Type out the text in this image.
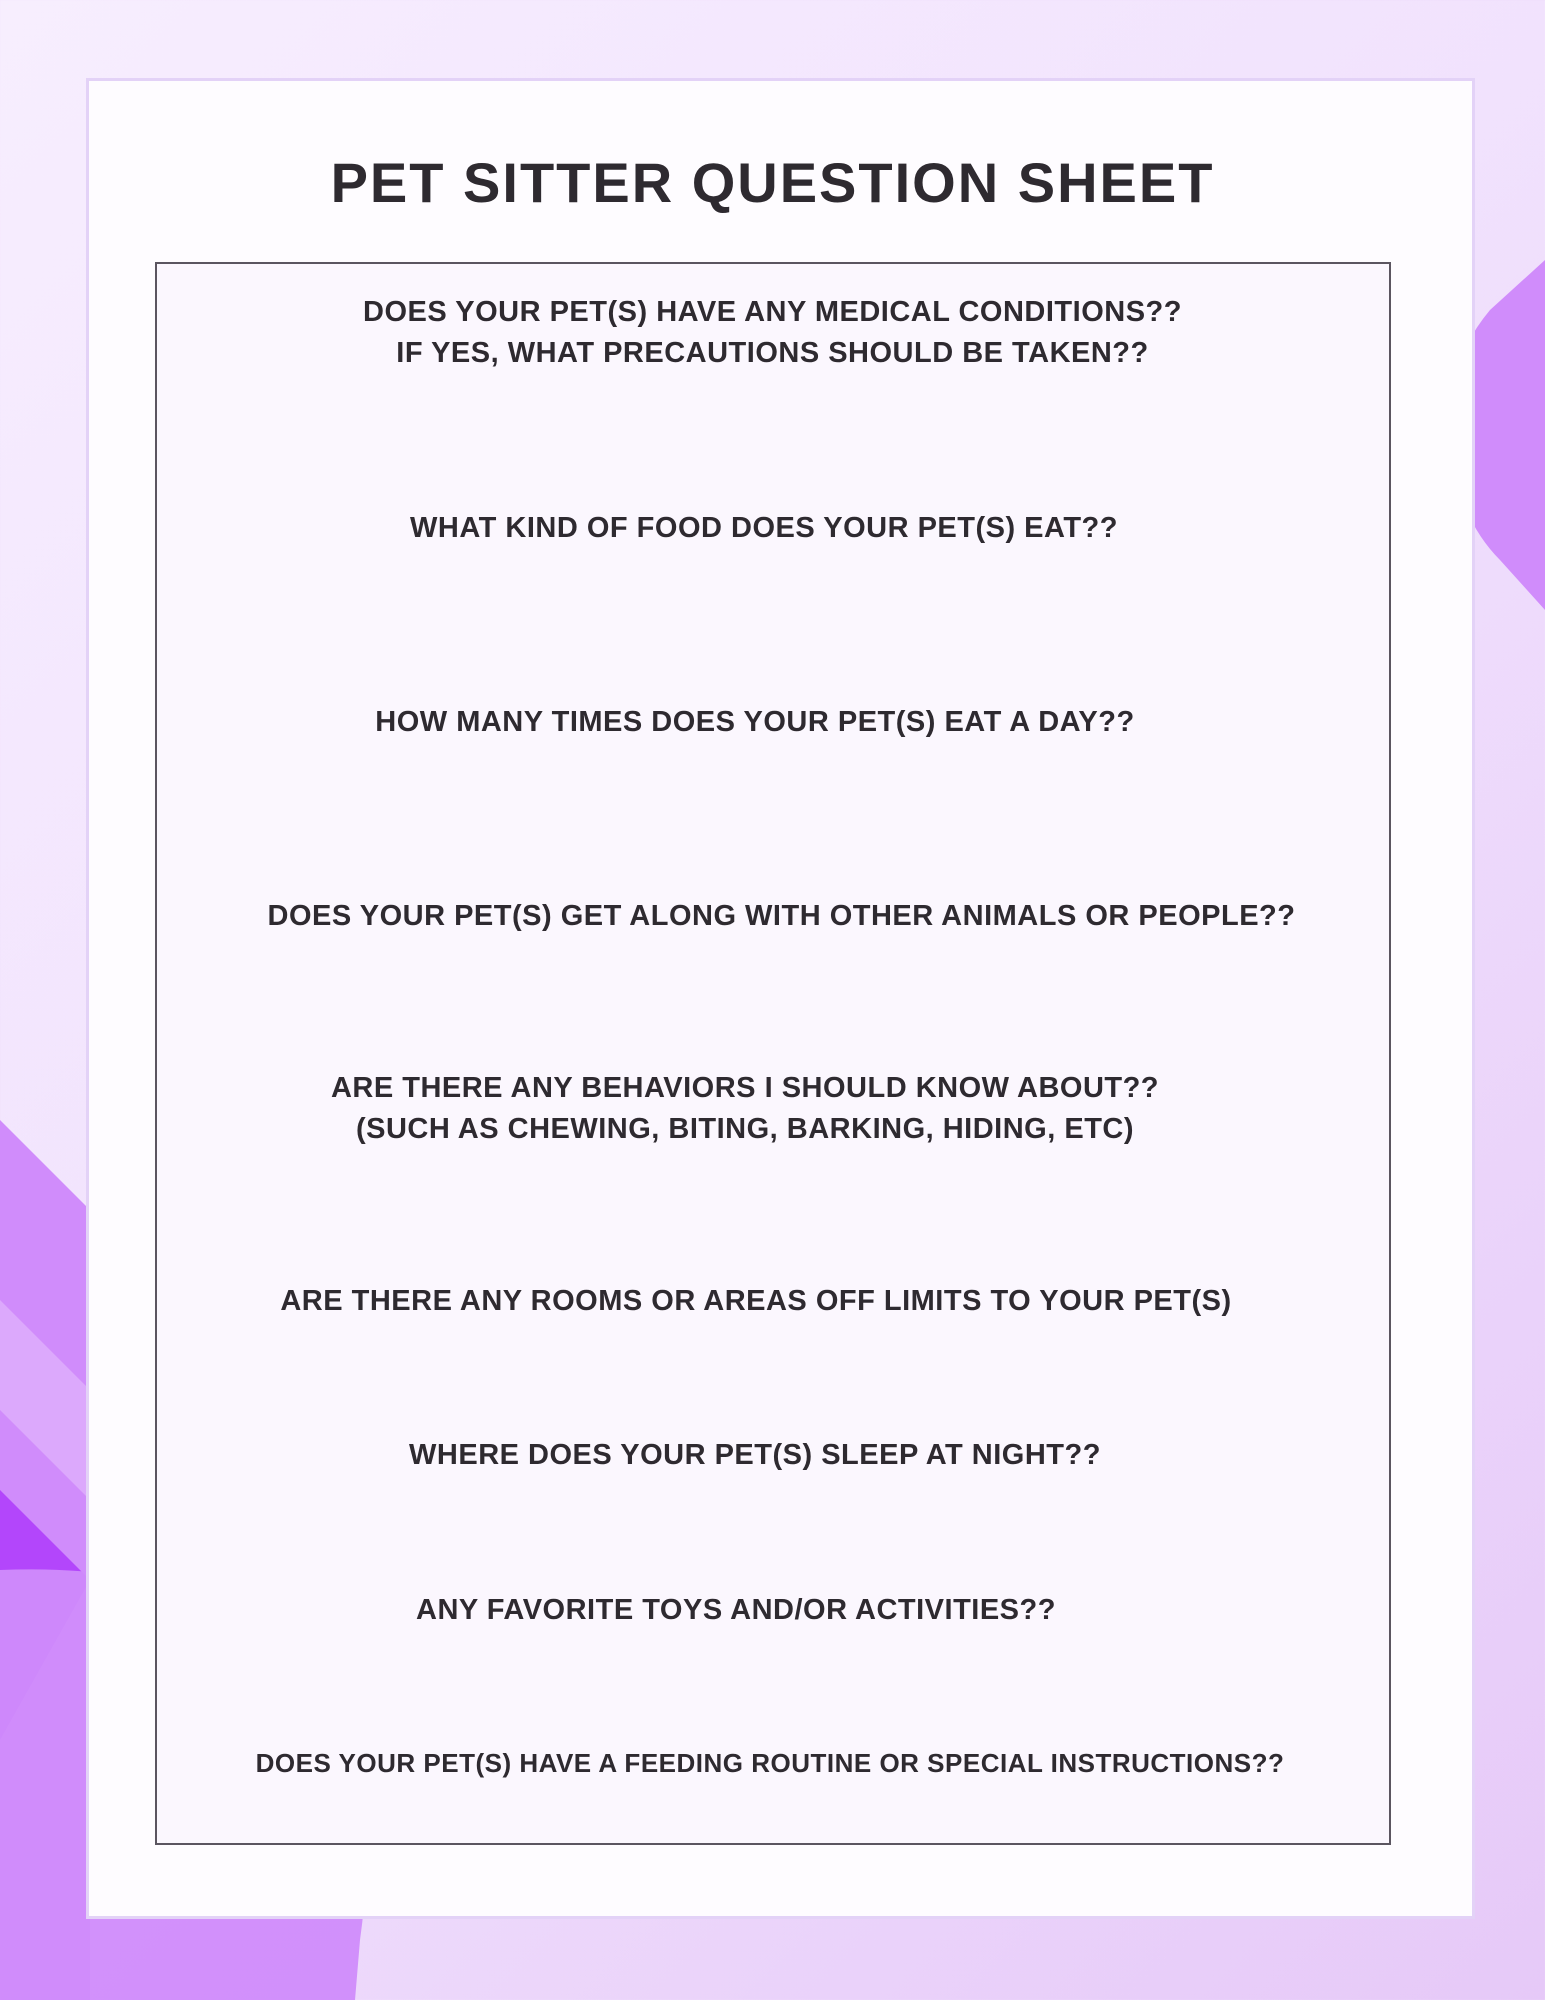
PET SITTER QUESTION SHEET

DOES YOUR PET(S) HAVE ANY MEDICAL CONDITIONS??
IF YES, WHAT PRECAUTIONS SHOULD BE TAKEN??

WHAT KIND OF FOOD DOES YOUR PET(S) EAT??

HOW MANY TIMES DOES YOUR PET(S) EAT A DAY??

DOES YOUR PET(S) GET ALONG WITH OTHER ANIMALS OR PEOPLE??

ARE THERE ANY BEHAVIORS I SHOULD KNOW ABOUT??
(SUCH AS CHEWING, BITING, BARKING, HIDING, ETC)

ARE THERE ANY ROOMS OR AREAS OFF LIMITS TO YOUR PET(S)

WHERE DOES YOUR PET(S) SLEEP AT NIGHT??

ANY FAVORITE TOYS AND/OR ACTIVITIES??

DOES YOUR PET(S) HAVE A FEEDING ROUTINE OR SPECIAL INSTRUCTIONS??
